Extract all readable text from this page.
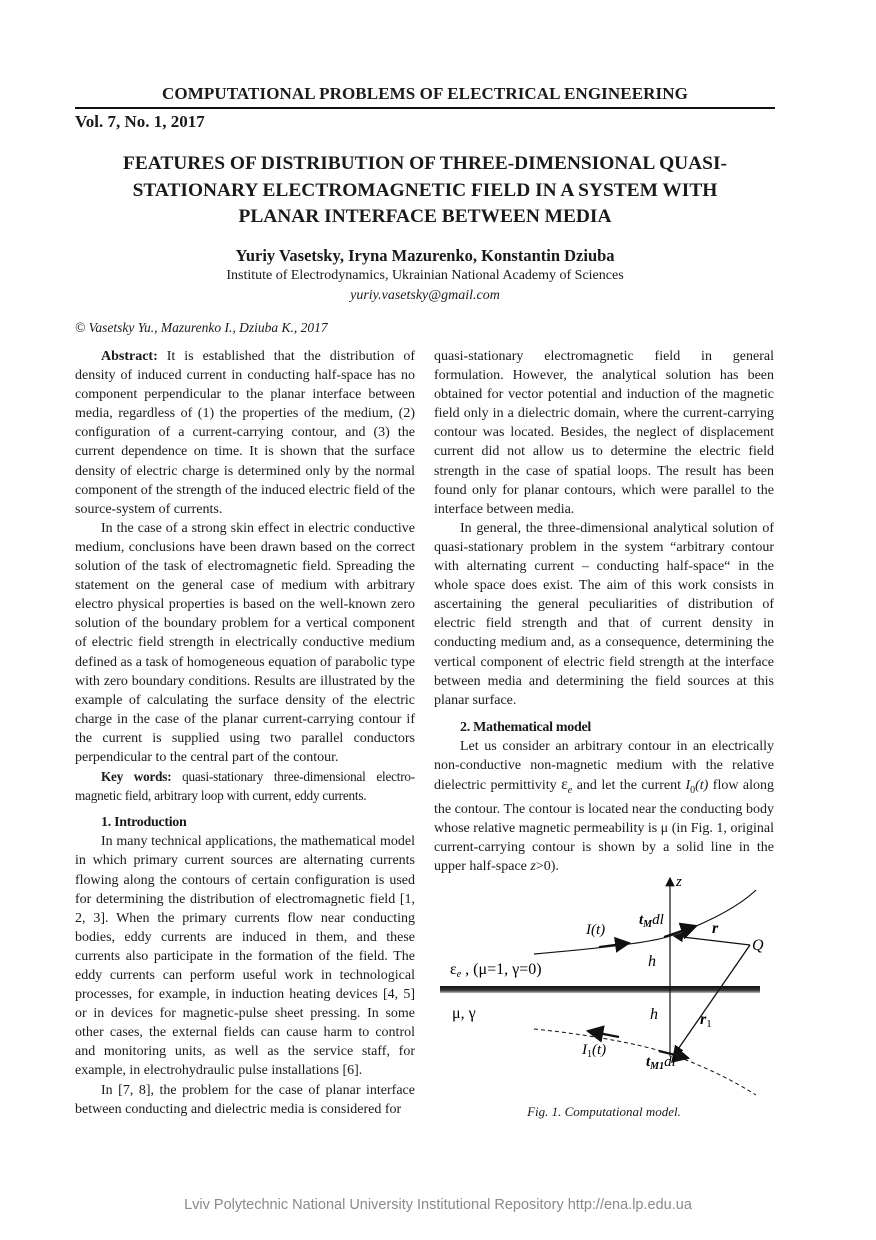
COMPUTATIONAL PROBLEMS OF ELECTRICAL ENGINEERING
Vol. 7, No. 1, 2017
FEATURES OF DISTRIBUTION OF THREE-DIMENSIONAL QUASI-STATIONARY ELECTROMAGNETIC FIELD IN A SYSTEM WITH PLANAR INTERFACE BETWEEN MEDIA
Yuriy Vasetsky, Iryna Mazurenko, Konstantin Dziuba
Institute of Electrodynamics, Ukrainian National Academy of Sciences
yuriy.vasetsky@gmail.com
© Vasetsky Yu., Mazurenko I., Dziuba K., 2017

Abstract: It is established that the distribution of density of induced current in conducting half-space has no component perpendicular to the planar interface between media, regardless of (1) the properties of the medium, (2) configuration of a current-carrying contour, and (3) the current dependence on time. It is shown that the surface density of electric charge is determined only by the normal component of the strength of the induced electric field of the source-system of currents.

In the case of a strong skin effect in electric conductive medium, conclusions have been drawn based on the correct solution of the task of electromagnetic field. Spreading the statement on the general case of medium with arbitrary electro physical properties is based on the well-known zero solution of the boundary problem for a vertical component of electric field strength in electrically conductive medium defined as a task of homogeneous equation of parabolic type with zero boundary conditions. Results are illustrated by the example of calculating the surface density of the electric charge in the case of the planar current-carrying contour if the current is supplied using two parallel conductors perpendicular to the central part of the contour.

Key words: quasi-stationary three-dimensional electro-magnetic field, arbitrary loop with current, eddy currents.

1. Introduction

In many technical applications, the mathematical model in which primary current sources are alternating currents flowing along the contours of certain configuration is used for determining the distribution of electromagnetic field [1, 2, 3]. When the primary currents flow near conducting bodies, eddy currents are induced in them, and these currents also participate in the formation of the field. The eddy currents can perform useful work in technological processes, for example, in induction heating devices [4, 5] or in devices for magnetic-pulse sheet pressing. In some other cases, the external fields can cause harm to control and monitoring units, as well as the service staff, for example, in electrohydraulic pulse installations [6].

In [7, 8], the problem for the case of planar interface between conducting and dielectric media is considered for

quasi-stationary electromagnetic field in general formulation. However, the analytical solution has been obtained for vector potential and induction of the magnetic field only in a dielectric domain, where the current-carrying contour was located. Besides, the neglect of displacement current did not allow us to determine the electric field strength in the case of spatial loops. The result has been found only for planar contours, which were parallel to the interface between media.

In general, the three-dimensional analytical solution of quasi-stationary problem in the system “arbitrary contour with alternating current – conducting half-space“ in the whole space does exist. The aim of this work consists in ascertaining the general peculiarities of distribution of electric field strength and that of current density in conducting medium and, as a consequence, determining the vertical component of electric field strength at the interface between media and determining the field sources at this planar surface.

2. Mathematical model

Let us consider an arbitrary contour in an electrically non-conductive non-magnetic medium with the relative dielectric permittivity $\varepsilon_e$ and let the current $I_0(t)$ flow along the contour. The contour is located near the conducting body whose relative magnetic permeability is μ (in Fig. 1, original current-carrying contour is shown by a solid line in the upper half-space z>0).

z
I(t)
$t_Mdl$	r
Q
h
εe , (μ=1, γ=0)
μ, γ	h	r1
$I_1(t)$
$t_{M1}dl$
Fig. 1. Computational model.
Lviv Polytechnic National University Institutional Repository http://ena.lp.edu.ua
